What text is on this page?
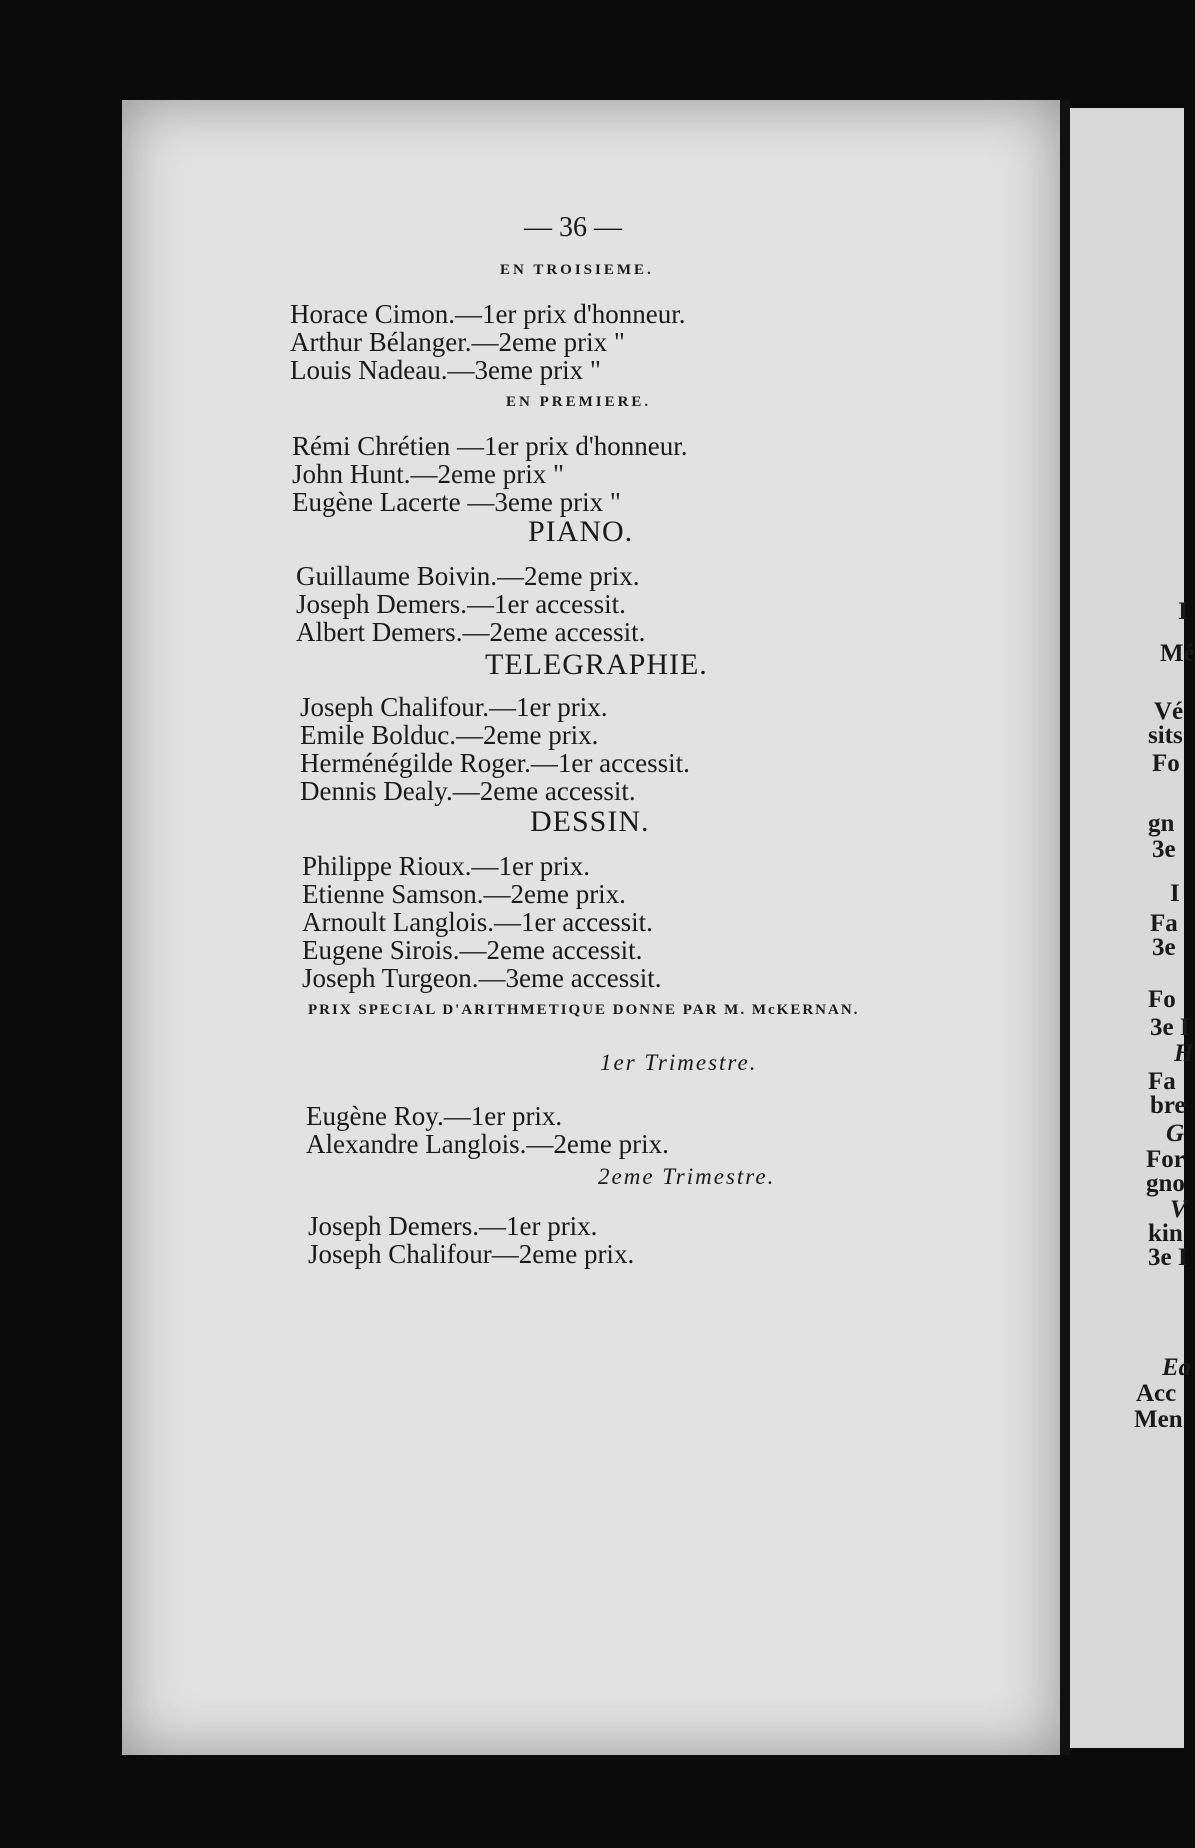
— 36 —
EN TROISIEME.
Horace Cimon.—1er prix d'honneur.
Arthur Bélanger.—2eme prix "
Louis Nadeau.—3eme prix "
EN PREMIERE.
Rémi Chrétien —1er prix d'honneur.
John Hunt.—2eme prix "
Eugène Lacerte —3eme prix "
PIANO.
Guillaume Boivin.—2eme prix.
Joseph Demers.—1er accessit.
Albert Demers.—2eme accessit.
TELEGRAPHIE.
Joseph Chalifour.—1er prix.
Emile Bolduc.—2eme prix.
Herménégilde Roger.—1er accessit.
Dennis Dealy.—2eme accessit.
DESSIN.
Philippe Rioux.—1er prix.
Etienne Samson.—2eme prix.
Arnoult Langlois.—1er accessit.
Eugene Sirois.—2eme accessit.
Joseph Turgeon.—3eme accessit.
PRIX SPECIAL D'ARITHMETIQUE DONNE PAR M. McKERNAN.
1er Trimestre.
Eugène Roy.—1er prix.
Alexandre Langlois.—2eme prix.
2eme Trimestre.
Joseph Demers.—1er prix.
Joseph Chalifour—2eme prix.
I
Mé
Vé
sits
Fo
gn
3e
I
Fa
3e
Fo
3e I
H
Fa
bre
G
For
gno
V
kin
3e I
Ea
Acc
Men
